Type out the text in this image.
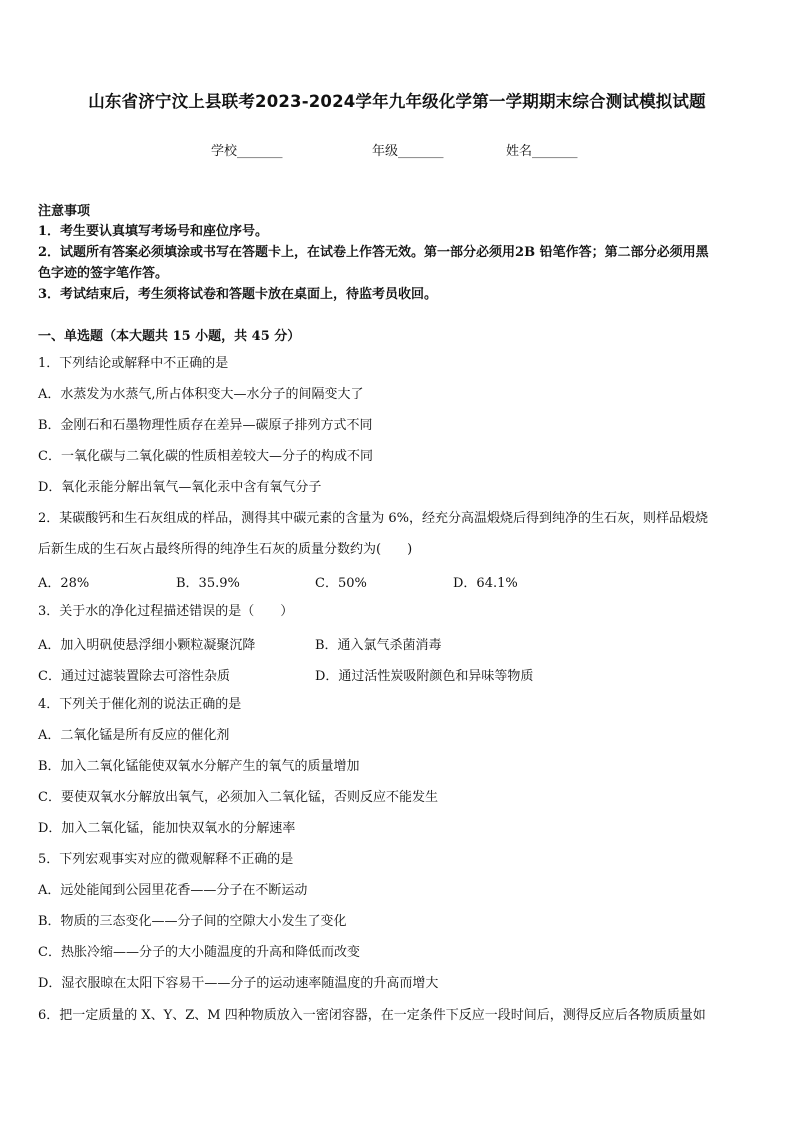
山东省济宁汶上县联考2023-2024学年九年级化学第一学期期末综合测试模拟试题
学校_______	年级_______	姓名_______
注意事项
1．考生要认真填写考场号和座位序号。
2．试题所有答案必须填涂或书写在答题卡上，在试卷上作答无效。第一部分必须用2B 铅笔作答；第二部分必须用黑
色字迹的签字笔作答。
3．考试结束后，考生须将试卷和答题卡放在桌面上，待监考员收回。
一、单选题（本大题共 15 小题，共 45 分）
1．下列结论或解释中不正确的是
A．水蒸发为水蒸气,所占体积变大—水分子的间隔变大了
B．金刚石和石墨物理性质存在差异—碳原子排列方式不同
C．一氧化碳与二氧化碳的性质相差较大—分子的构成不同
D．氧化汞能分解出氧气—氧化汞中含有氧气分子
2．某碳酸钙和生石灰组成的样品，测得其中碳元素的含量为 6%，经充分高温煅烧后得到纯净的生石灰，则样品煅烧
后新生成的生石灰占最终所得的纯净生石灰的质量分数约为(　　)
A．28%	B．35.9%	C．50%	D．64.1%
3．关于水的净化过程描述错误的是（　　）
A．加入明矾使悬浮细小颗粒凝聚沉降	B．通入氯气杀菌消毒
C．通过过滤装置除去可溶性杂质	D．通过活性炭吸附颜色和异味等物质
4．下列关于催化剂的说法正确的是
A．二氧化锰是所有反应的催化剂
B．加入二氧化锰能使双氧水分解产生的氧气的质量增加
C．要使双氧水分解放出氧气，必须加入二氧化锰，否则反应不能发生
D．加入二氧化锰，能加快双氧水的分解速率
5．下列宏观事实对应的微观解释不正确的是
A．远处能闻到公园里花香——分子在不断运动
B．物质的三态变化——分子间的空隙大小发生了变化
C．热胀冷缩——分子的大小随温度的升高和降低而改变
D．湿衣服晾在太阳下容易干——分子的运动速率随温度的升高而增大
6．把一定质量的 X、Y、Z、M 四种物质放入一密闭容器，在一定条件下反应一段时间后，测得反应后各物质质量如
